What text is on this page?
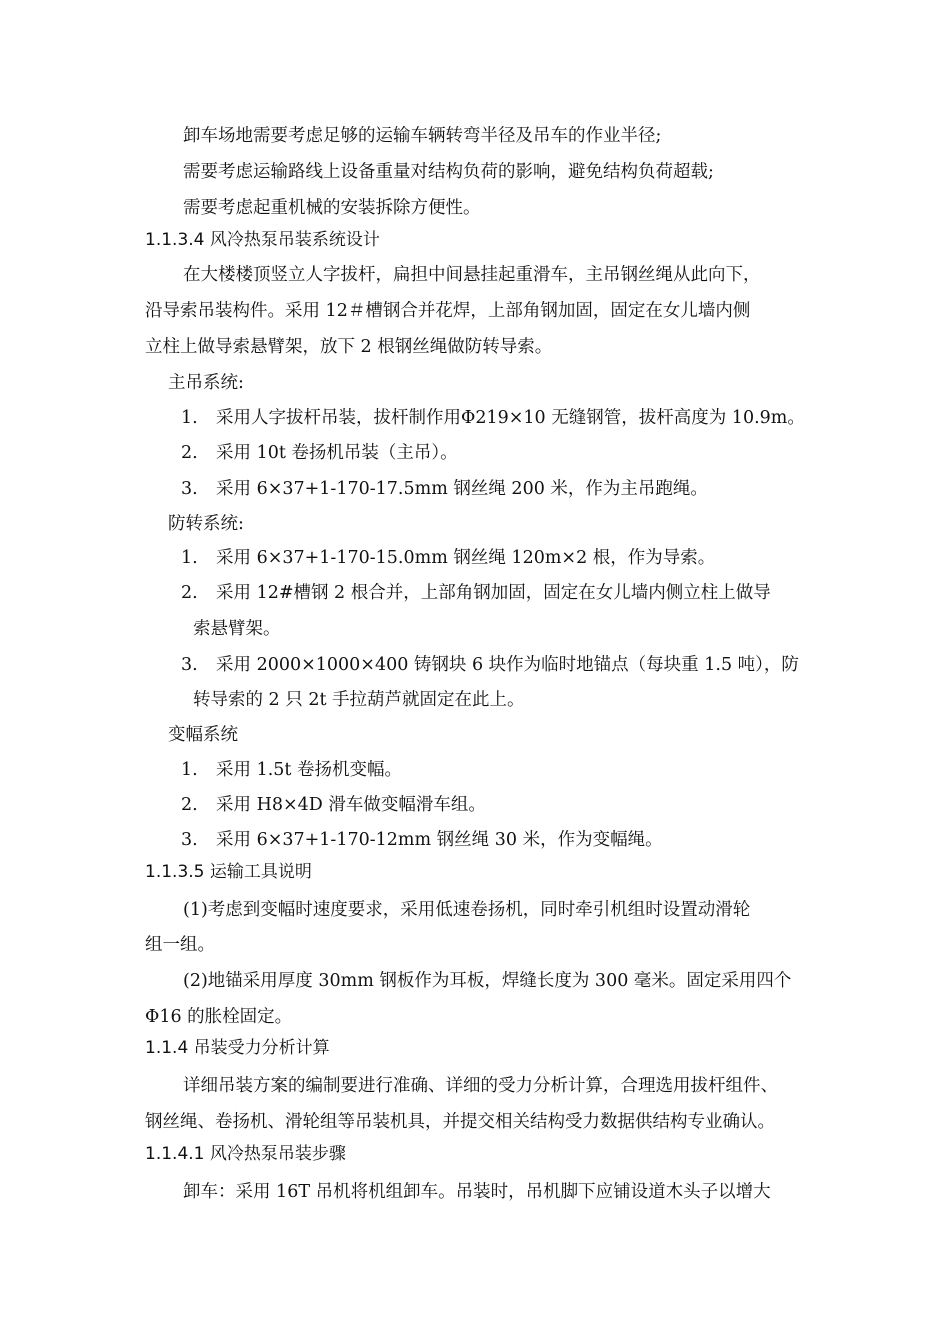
卸车场地需要考虑足够的运输车辆转弯半径及吊车的作业半径;
需要考虑运输路线上设备重量对结构负荷的影响，避免结构负荷超载;
需要考虑起重机械的安装拆除方便性。
1.1.3.4 风冷热泵吊装系统设计
在大楼楼顶竖立人字拔杆，扁担中间悬挂起重滑车，主吊钢丝绳从此向下，
沿导索吊装构件。采用 12＃槽钢合并花焊，上部角钢加固，固定在女儿墙内侧
立柱上做导索悬臂架，放下 2 根钢丝绳做防转导索。
主吊系统:
1. 采用人字拔杆吊装，拔杆制作用Φ219×10 无缝钢管，拔杆高度为 10.9m。
2. 采用 10t 卷扬机吊装（主吊）。
3. 采用 6×37+1-170-17.5mm 钢丝绳 200 米，作为主吊跑绳。
防转系统:
1. 采用 6×37+1-170-15.0mm 钢丝绳 120m×2 根，作为导索。
2. 采用 12#槽钢 2 根合并，上部角钢加固，固定在女儿墙内侧立柱上做导
索悬臂架。
3. 采用 2000×1000×400 铸钢块 6 块作为临时地锚点（每块重 1.5 吨），防
转导索的 2 只 2t 手拉葫芦就固定在此上。
变幅系统
1. 采用 1.5t 卷扬机变幅。
2. 采用 H8×4D 滑车做变幅滑车组。
3. 采用 6×37+1-170-12mm 钢丝绳 30 米，作为变幅绳。
1.1.3.5 运输工具说明
(1)考虑到变幅时速度要求，采用低速卷扬机，同时牵引机组时设置动滑轮
组一组。
(2)地锚采用厚度 30mm 钢板作为耳板，焊缝长度为 300 毫米。固定采用四个
Φ16 的胀栓固定。
1.1.4 吊装受力分析计算
详细吊装方案的编制要进行准确、详细的受力分析计算，合理选用拔杆组件、
钢丝绳、卷扬机、滑轮组等吊装机具，并提交相关结构受力数据供结构专业确认。
1.1.4.1 风冷热泵吊装步骤
卸车：采用 16T 吊机将机组卸车。吊装时，吊机脚下应铺设道木头子以增大
